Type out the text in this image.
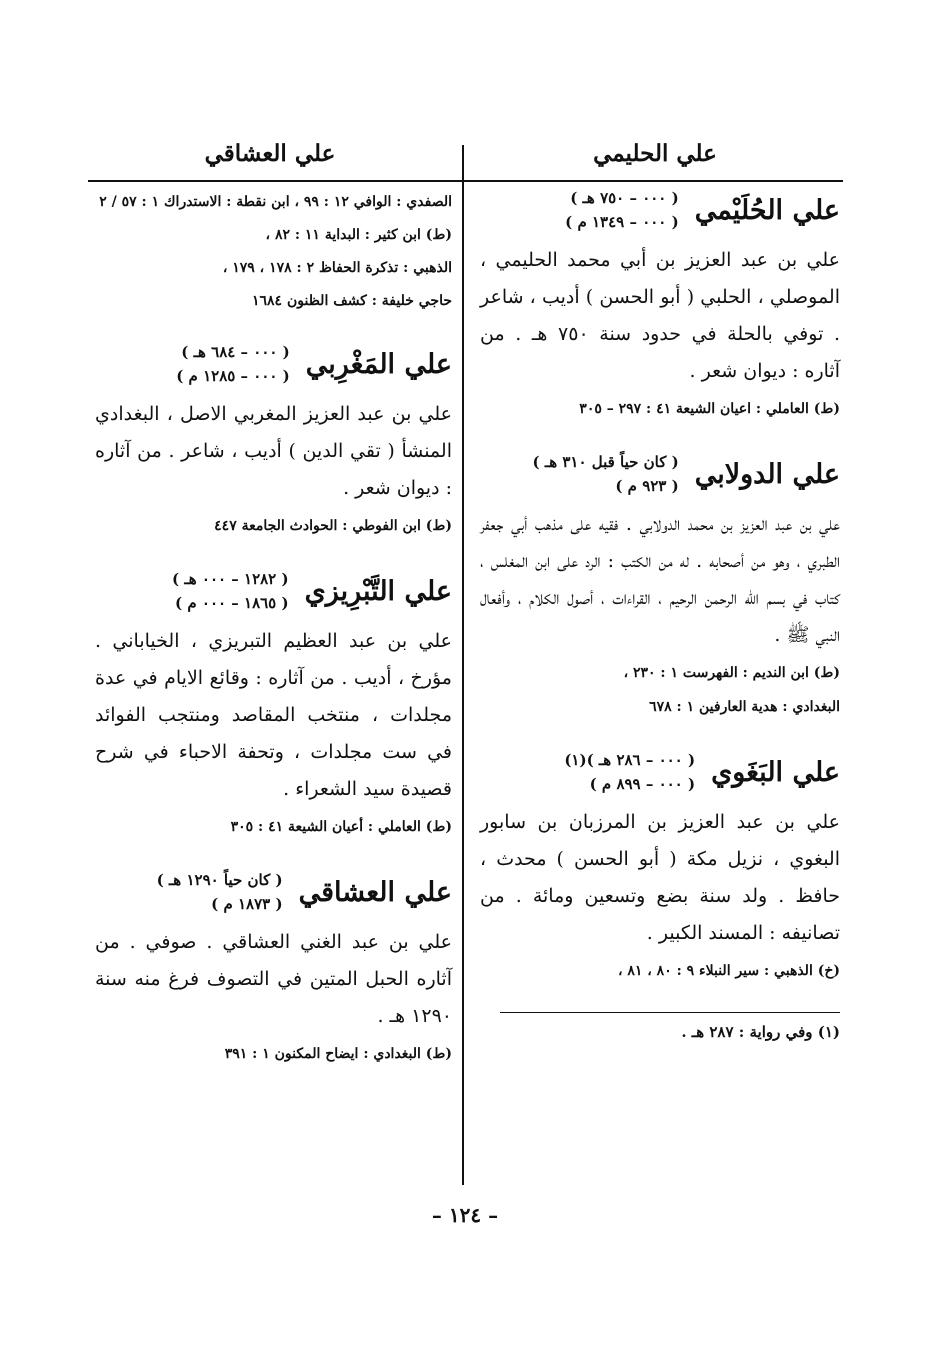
علي الحليمي
علي العشاقي
علي الحُلَيْمي
( ٠٠٠ – ٧٥٠ هـ )
( ٠٠٠ – ١٣٤٩ م )
علي بن عبد العزيز بن أبي محمد الحليمي ، الموصلي ، الحلبي ( أبو الحسن ) أديب ، شاعر . توفي بالحلة في حدود سنة ٧٥٠ هـ . من آثاره : ديوان شعر .
(ط) العاملي : اعيان الشيعة ٤١ : ٢٩٧ – ٣٠٥
علي الدولابي
( كان حياً قبل ٣١٠ هـ )
( ٩٢٣ م )
علي بن عبد العزيز بن محمد الدولابي . فقيه على مذهب أبي جعفر الطبري ، وهو من أصحابه . له من الكتب : الرد على ابن المغلس ، كتاب في بسم الله الرحمن الرحيم ، القراءات ، أصول الكلام ، وأفعال النبي ﷺ .
(ط) ابن النديم : الفهرست ١ : ٢٣٠ ،
البغدادي : هدية العارفين ١ : ٦٧٨
علي البَغَوي
( ٠٠٠ – ٢٨٦ هـ )(١)
( ٠٠٠ – ٨٩٩ م )
علي بن عبد العزيز بن المرزبان بن سابور البغوي ، نزيل مكة ( أبو الحسن ) محدث ، حافظ . ولد سنة بضع وتسعين ومائة . من تصانيفه : المسند الكبير .
(خ) الذهبي : سير النبلاء ٩ : ٨٠ ، ٨١ ،
(١) وفي رواية : ٢٨٧ هـ .
الصفدي : الوافي ١٢ : ٩٩ ، ابن نقطة : الاستدراك ١ : ٥٧ / ٢
(ط) ابن كثير : البداية ١١ : ٨٢ ،
الذهبي : تذكرة الحفاظ ٢ : ١٧٨ ، ١٧٩ ،
حاجي خليفة : كشف الظنون ١٦٨٤
علي المَغْرِبي
( ٠٠٠ – ٦٨٤ هـ )
( ٠٠٠ – ١٢٨٥ م )
علي بن عبد العزيز المغربي الاصل ، البغدادي المنشأ ( تقي الدين ) أديب ، شاعر . من آثاره : ديوان شعر .
(ط) ابن الفوطي : الحوادث الجامعة ٤٤٧
علي التَّبْرِيزي
( ١٢٨٢ – ٠٠٠ هـ )
( ١٨٦٥ – ٠٠٠ م )
علي بن عبد العظيم التبريزي ، الخياباني . مؤرخ ، أديب . من آثاره : وقائع الايام في عدة مجلدات ، منتخب المقاصد ومنتجب الفوائد في ست مجلدات ، وتحفة الاحباء في شرح قصيدة سيد الشعراء .
(ط) العاملي : أعيان الشيعة ٤١ : ٣٠٥
علي العشاقي
( كان حياً ١٢٩٠ هـ )
( ١٨٧٣ م )
علي بن عبد الغني العشاقي . صوفي . من آثاره الحبل المتين في التصوف فرغ منه سنة ١٢٩٠ هـ .
(ط) البغدادي : ايضاح المكنون ١ : ٣٩١
– ١٢٤ –
